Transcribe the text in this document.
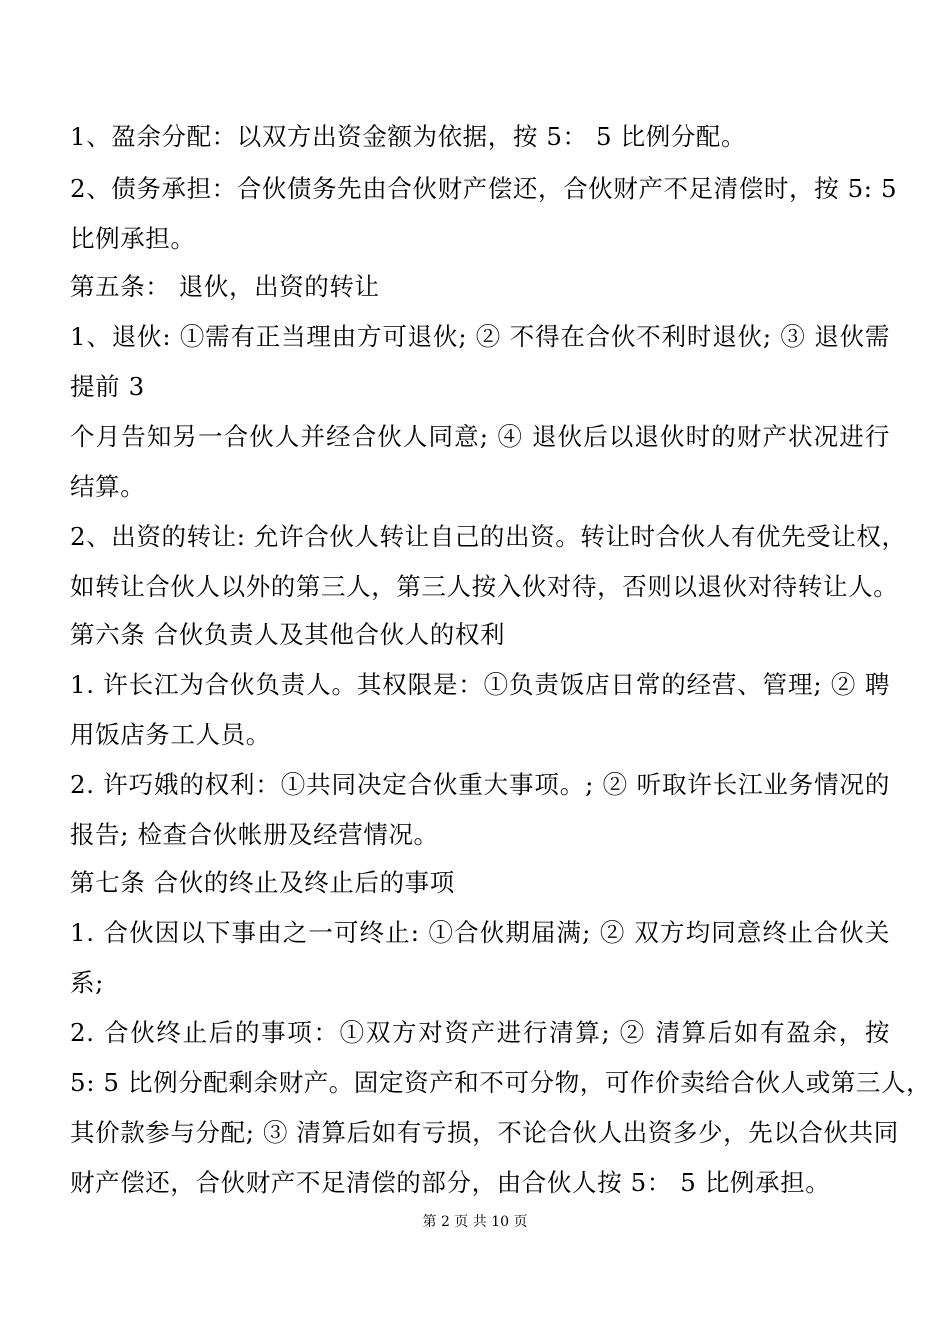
1、盈余分配：以双方出资金额为依据，按 5： 5 比例分配。
2、债务承担：合伙债务先由合伙财产偿还，合伙财产不足清偿时，按 5: 5
比例承担。
第五条： 退伙，出资的转让
1、退伙: ①需有正当理由方可退伙; ② 不得在合伙不利时退伙; ③ 退伙需
提前 3
个月告知另一合伙人并经合伙人同意; ④ 退伙后以退伙时的财产状况进行
结算。
2、出资的转让: 允许合伙人转让自己的出资。转让时合伙人有优先受让权，
如转让合伙人以外的第三人，第三人按入伙对待，否则以退伙对待转让人。
第六条 合伙负责人及其他合伙人的权利
1. 许长江为合伙负责人。其权限是：①负责饭店日常的经营、管理; ② 聘
用饭店务工人员。
2. 许巧娥的权利：①共同决定合伙重大事项。; ② 听取许长江业务情况的
报告; 检查合伙帐册及经营情况。
第七条 合伙的终止及终止后的事项
1. 合伙因以下事由之一可终止: ①合伙期届满; ② 双方均同意终止合伙关
系;
2. 合伙终止后的事项：①双方对资产进行清算; ② 清算后如有盈余，按
5: 5 比例分配剩余财产。固定资产和不可分物，可作价卖给合伙人或第三人，
其价款参与分配; ③ 清算后如有亏损，不论合伙人出资多少，先以合伙共同
财产偿还，合伙财产不足清偿的部分，由合伙人按 5： 5 比例承担。
第 2 页 共 10 页
